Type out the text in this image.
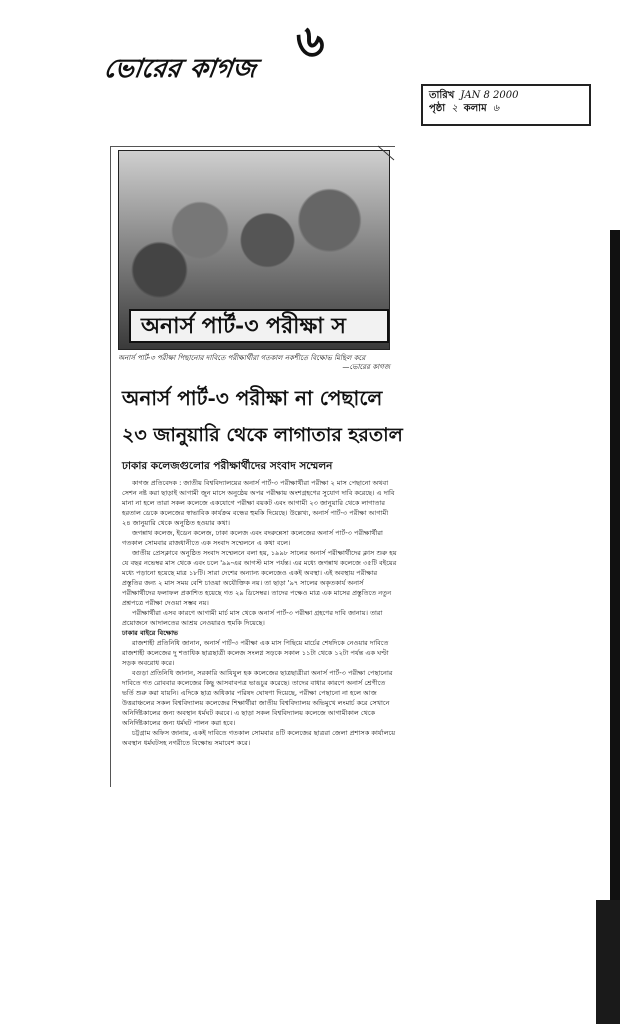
৬
ভোরের কাগজ
তারিখ JAN 8 2000
পৃষ্ঠা ২ কলাম ৬
অনার্স পার্ট-৩ পরীক্ষা স
অনার্স পার্ট-৩ পরীক্ষা পিছানোর দাবিতে পরীক্ষার্থীরা গতকাল নকশীতে বিক্ষোভ মিছিল করে
—ভোরের কাগজ
অনার্স পার্ট-৩ পরীক্ষা না পেছালে
২৩ জানুয়ারি থেকে লাগাতার হরতাল
ঢাকার কলেজগুলোর পরীক্ষার্থীদের সংবাদ সম্মেলন

কাগজ প্রতিবেদক : জাতীয় বিশ্ববিদ্যালয়ের অনার্স পার্ট-৩ পরীক্ষার্থীরা পরীক্ষা ২ মাস পেছানো অথবা সেশন নষ্ট করা ছাড়াই আগামী জুন মাসে অনুষ্ঠেয় অপর পরীক্ষায় অংশগ্রহণের সুযোগ দাবি করেছে। এ দাবি মানা না হলে তারা সকল কলেজে একযোগে পরীক্ষা বয়কট এবং আগামী ২৩ জানুয়ারি থেকে লাগাতার হরতাল ডেকে কলেজের স্বাভাবিক কার্যক্রম বন্ধের হুমকি দিয়েছে। উল্লেখ্য, অনার্স পার্ট-৩ পরীক্ষা আগামী ২৪ জানুয়ারি থেকে অনুষ্ঠিত হওয়ার কথা।

জগন্নাথ কলেজ, ইডেন কলেজ, ঢাকা কলেজ এবং বদরুন্নেসা কলেজের অনার্স পার্ট-৩ পরীক্ষার্থীরা গতকাল সোমবার রাজধানীতে এক সংবাদ সম্মেলনে এ কথা বলে।

জাতীয় প্রেসক্লাবে অনুষ্ঠিত সংবাদ সম্মেলনে বলা হয়, ১৯৯৮ সালের অনার্স পরীক্ষার্থীদের ক্লাস শুরু হয় যে বছর নভেম্বর মাস থেকে এবং চলে '৯৯-এর আগস্ট মাস পর্যন্ত। এর মধ্যে জগন্নাথ কলেজে ৩৫টি বইয়ের মধ্যে পড়ানো হয়েছে মাত্র ১৮টি। সারা দেশের অন্যান্য কলেজেও একই অবস্থা। এই অবস্থায় পরীক্ষার প্রস্তুতির জন্য ২ মাস সময় বেশি চাওয়া অযৌক্তিক নয়। তা ছাড়া '৯৭ সালের অকৃতকার্য অনার্স পরীক্ষার্থীদের ফলাফল প্রকাশিত হয়েছে গত ২৯ ডিসেম্বর। তাদের পক্ষেও মাত্র এক মাসের প্রস্তুতিতে নতুন প্রশ্নপত্রে পরীক্ষা দেওয়া সম্ভব নয়।

পরীক্ষার্থীরা এসব কারণে আগামী মার্চ মাস থেকে অনার্স পার্ট-৩ পরীক্ষা গ্রহণের দাবি জানায়। তারা প্রয়োজনে আদালতের আশ্রয় নেওয়ারও হুমকি দিয়েছে।

ঢাকার বাইরে বিক্ষোভ

রাজশাহী প্রতিনিধি জানান, অনার্স পার্ট-৩ পরীক্ষা এক মাস পিছিয়ে মার্চের শেষদিকে নেওয়ার দাবিতে রাজশাহী কলেজের দু শতাধিক ছাত্রছাত্রী কলেজ সংলগ্ন সড়কে সকাল ১১টা থেকে ১২টা পর্যন্ত এক ঘণ্টা সড়ক অবরোধ করে।

বগুড়া প্রতিনিধি জানান, সরকারি আযিযুল হক কলেজের ছাত্রছাত্রীরা অনার্স পার্ট-৩ পরীক্ষা পেছানোর দাবিতে গত রোববার কলেজের কিছু আসবাবপত্র ভাঙচুর করেছে। তাদের বাধার কারণে অনার্স শ্রেণীতে ভর্তি শুরু করা যায়নি। এদিকে ছাত্র অধিকার পরিষদ ঘোষণা দিয়েছে, পরীক্ষা পেছানো না হলে আজ উত্তরাঞ্চলের সকল বিশ্ববিদ্যালয় কলেজের শিক্ষার্থীরা জাতীয় বিশ্ববিদ্যালয় অভিমুখে লংমার্চ করে সেখানে অনির্দিষ্টকালের জন্য অবস্থান ধর্মঘট করবে। এ ছাড়া সকল বিশ্ববিদ্যালয় কলেজে আগামীকাল থেকে অনির্দিষ্টকালের জন্য ধর্মঘট পালন করা হবে।

চট্টগ্রাম অফিস জানায়, একই দাবিতে গতকাল সোমবার ৪টি কলেজের ছাত্ররা জেলা প্রশাসক কার্যালয়ে অবস্থান ধর্মঘটসহ নগরীতে বিক্ষোভ সমাবেশ করে।
